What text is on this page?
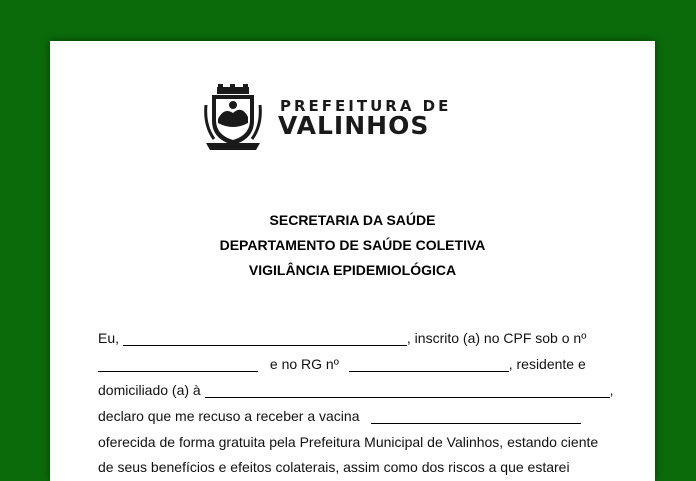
PREFEITURA DE
VALINHOS
SECRETARIA DA SAÚDE
DEPARTAMENTO DE SAÚDE COLETIVA
VIGILÂNCIA EPIDEMIOLÓGICA
Eu,	, inscrito (a) no CPF sob o nº
e no RG nº	, residente e
domiciliado (a) à	,
declaro que me recuso a receber a vacina
oferecida de forma gratuita pela Prefeitura Municipal de Valinhos, estando ciente
de seus benefícios e efeitos colaterais, assim como dos riscos a que estarei
